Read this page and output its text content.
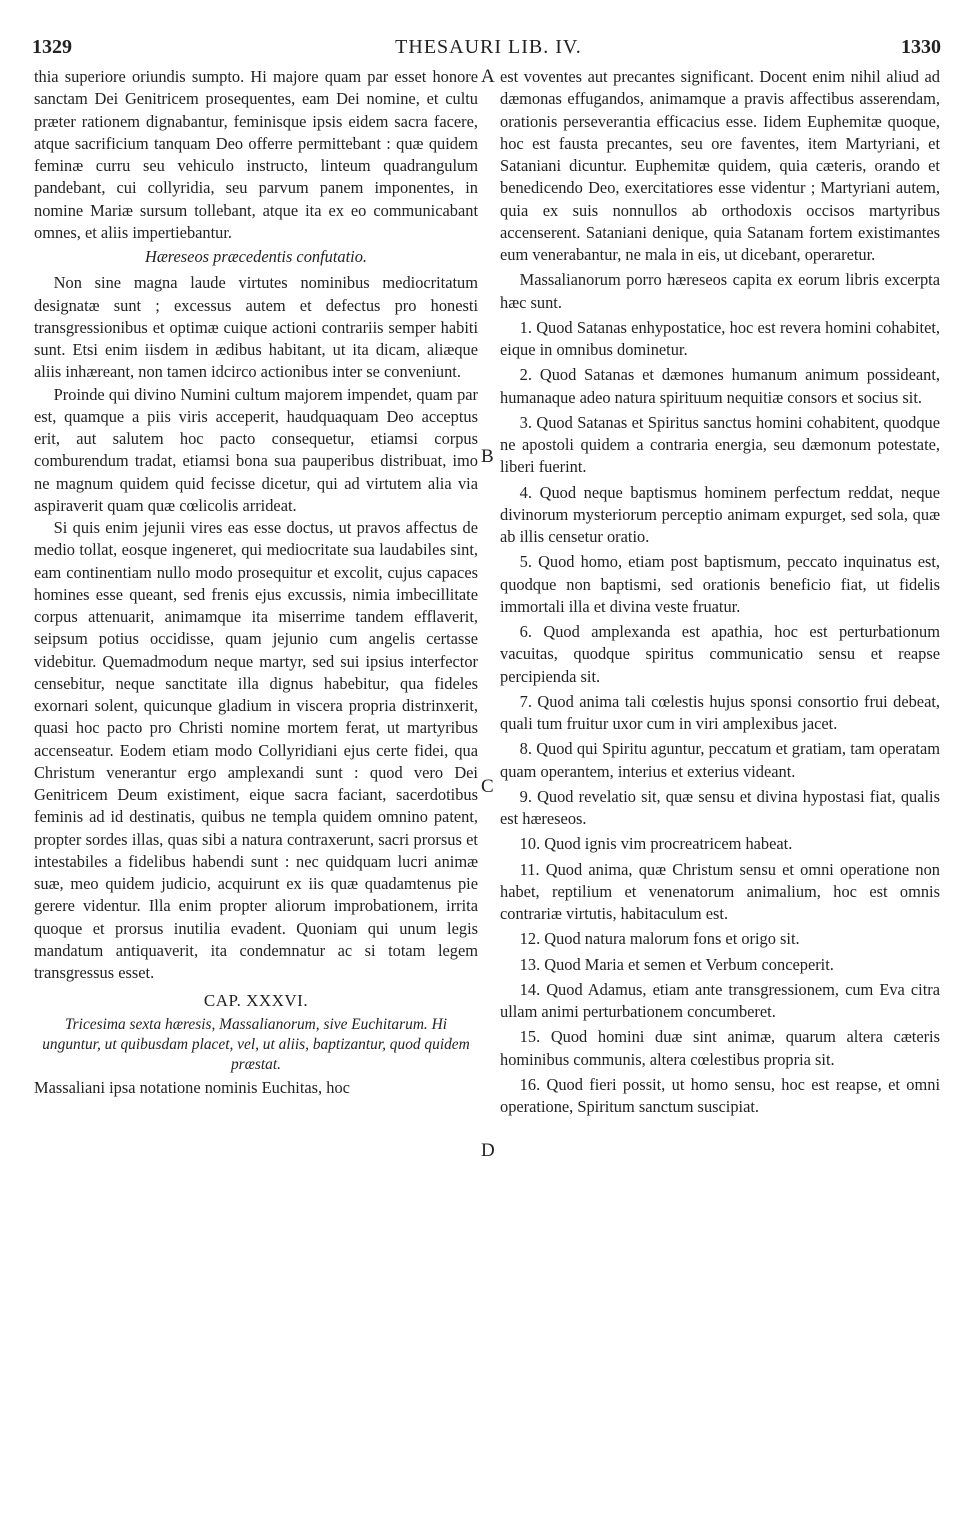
1329	THESAURI LIB. IV.	1330

thia superiore oriundis sumpto. Hi majore quam par esset honore sanctam Dei Genitricem prosequentes, eam Dei nomine, et cultu præter rationem dignabantur, feminisque ipsis eidem sacra facere, atque sacrificium tanquam Deo offerre permittebant : quæ quidem feminæ curru seu vehiculo instructo, linteum quadrangulum pandebant, cui collyridia, seu parvum panem imponentes, in nomine Mariæ sursum tollebant, atque ita ex eo communicabant omnes, et aliis impertiebantur.

Hæreseos præcedentis confutatio.

Non sine magna laude virtutes nominibus mediocritatum designatæ sunt ; excessus autem et defectus pro honesti transgressionibus et optimæ cuique actioni contrariis semper habiti sunt. Etsi enim iisdem in ædibus habitant, ut ita dicam, aliæque aliis inhæreant, non tamen idcirco actionibus inter se conveniunt.

Proinde qui divino Numini cultum majorem impendet, quam par est, quamque a piis viris acceperit, haudquaquam Deo acceptus erit, aut salutem hoc pacto consequetur, etiamsi corpus comburendum tradat, etiamsi bona sua pauperibus distribuat, imo ne magnum quidem quid fecisse dicetur, qui ad virtutem alia via aspiraverit quam quæ cœlicolis arrideat.

Si quis enim jejunii vires eas esse doctus, ut pravos affectus de medio tollat, eosque ingeneret, qui mediocritate sua laudabiles sint, eam continentiam nullo modo prosequitur et excolit, cujus capaces homines esse queant, sed frenis ejus excussis, nimia imbecillitate corpus attenuarit, animamque ita miserrime tandem efflaverit, seipsum potius occidisse, quam jejunio cum angelis certasse videbitur. Quemadmodum neque martyr, sed sui ipsius interfector censebitur, neque sanctitate illa dignus habebitur, qua fideles exornari solent, quicunque gladium in viscera propria distrinxerit, quasi hoc pacto pro Christi nomine mortem ferat, ut martyribus accenseatur. Eodem etiam modo Collyridiani ejus certe fidei, qua Christum venerantur ergo amplexandi sunt : quod vero Dei Genitricem Deum existiment, eique sacra faciant, sacerdotibus feminis ad id destinatis, quibus ne templa quidem omnino patent, propter sordes illas, quas sibi a natura contraxerunt, sacri prorsus et intestabiles a fidelibus habendi sunt : nec quidquam lucri animæ suæ, meo quidem judicio, acquirunt ex iis quæ quadamtenus pie gerere videntur. Illa enim propter aliorum improbationem, irrita quoque et prorsus inutilia evadent. Quoniam qui unum legis mandatum antiquaverit, ita condemnatur ac si totam legem transgressus esset.

CAP. XXXVI.
Tricesima sexta hæresis, Massalianorum, sive Euchitarum. Hi unguntur, ut quibusdam placet, vel, ut aliis, baptizantur, quod quidem præstat.

Massaliani ipsa notatione nominis Euchitas, hoc

A
B
C
D

est voventes aut precantes significant. Docent enim nihil aliud ad dæmonas effugandos, animamque a pravis affectibus asserendam, orationis perseverantia efficacius esse. Iidem Euphemitæ quoque, hoc est fausta precantes, seu ore faventes, item Martyriani, et Sataniani dicuntur. Euphemitæ quidem, quia cæteris, orando et benedicendo Deo, exercitatiores esse videntur ; Martyriani autem, quia ex suis nonnullos ab orthodoxis occisos martyribus accenserent. Sataniani denique, quia Satanam fortem existimantes eum venerabantur, ne mala in eis, ut dicebant, operaretur.

Massalianorum porro hæreseos capita ex eorum libris excerpta hæc sunt.

1. Quod Satanas enhypostatice, hoc est revera homini cohabitet, eique in omnibus dominetur.

2. Quod Satanas et dæmones humanum animum possideant, humanaque adeo natura spirituum nequitiæ consors et socius sit.

3. Quod Satanas et Spiritus sanctus homini cohabitent, quodque ne apostoli quidem a contraria energia, seu dæmonum potestate, liberi fuerint.

4. Quod neque baptismus hominem perfectum reddat, neque divinorum mysteriorum perceptio animam expurget, sed sola, quæ ab illis censetur oratio.

5. Quod homo, etiam post baptismum, peccato inquinatus est, quodque non baptismi, sed orationis beneficio fiat, ut fidelis immortali illa et divina veste fruatur.

6. Quod amplexanda est apathia, hoc est perturbationum vacuitas, quodque spiritus communicatio sensu et reapse percipienda sit.

7. Quod anima tali cœlestis hujus sponsi consortio frui debeat, quali tum fruitur uxor cum in viri amplexibus jacet.

8. Quod qui Spiritu aguntur, peccatum et gratiam, tam operatam quam operantem, interius et exterius videant.

9. Quod revelatio sit, quæ sensu et divina hypostasi fiat, qualis est hæreseos.

10. Quod ignis vim procreatricem habeat.

11. Quod anima, quæ Christum sensu et omni operatione non habet, reptilium et venenatorum animalium, hoc est omnis contrariæ virtutis, habitaculum est.

12. Quod natura malorum fons et origo sit.

13. Quod Maria et semen et Verbum conceperit.

14. Quod Adamus, etiam ante transgressionem, cum Eva citra ullam animi perturbationem concumberet.

15. Quod homini duæ sint animæ, quarum altera cæteris hominibus communis, altera cœlestibus propria sit.

16. Quod fieri possit, ut homo sensu, hoc est reapse, et omni operatione, Spiritum sanctum suscipiat.
